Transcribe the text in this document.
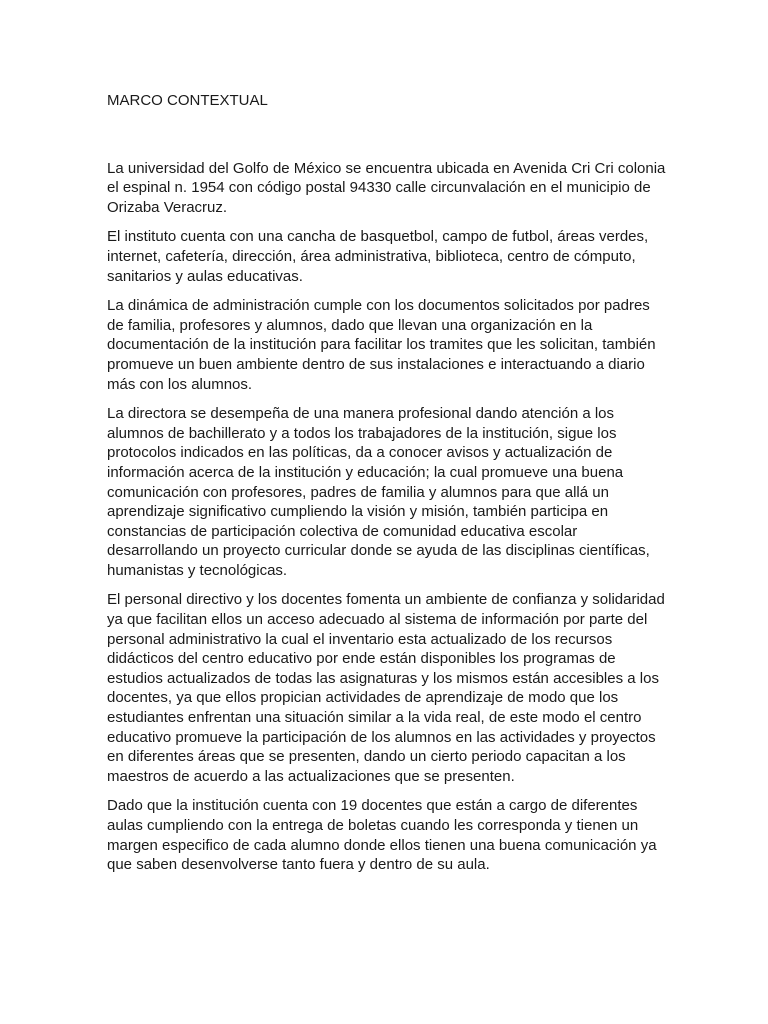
MARCO CONTEXTUAL

La universidad del Golfo de México se encuentra ubicada en Avenida Cri Cri colonia el espinal n. 1954 con código postal 94330 calle circunvalación en el municipio de Orizaba Veracruz.

El instituto cuenta con una cancha de basquetbol, campo de futbol, áreas verdes, internet, cafetería, dirección, área administrativa, biblioteca, centro de cómputo, sanitarios y aulas educativas.

La dinámica de administración cumple con los documentos solicitados por padres de familia, profesores y alumnos, dado que llevan una organización en la documentación de la institución para facilitar los tramites que les solicitan, también promueve un buen ambiente dentro de sus instalaciones e interactuando a diario más con los alumnos.

La directora se desempeña de una manera profesional dando atención a los alumnos de bachillerato y a todos los trabajadores de la institución, sigue los protocolos indicados en las políticas, da a conocer avisos y actualización de información acerca de la institución y educación; la cual promueve una buena comunicación con profesores, padres de familia y alumnos para que allá un aprendizaje significativo cumpliendo la visión y misión, también participa en constancias de participación colectiva de comunidad educativa escolar desarrollando un proyecto curricular donde se ayuda de las disciplinas científicas, humanistas y tecnológicas.

El personal directivo y los docentes fomenta un ambiente de confianza y solidaridad ya que facilitan ellos un acceso adecuado al sistema de información por parte del personal administrativo la cual el inventario esta actualizado de los recursos didácticos del centro educativo por ende están disponibles los programas de estudios actualizados de todas las asignaturas y los mismos están accesibles a los docentes, ya que ellos propician actividades de aprendizaje de modo que los estudiantes enfrentan una situación similar a la vida real, de este modo el centro educativo promueve la participación de los alumnos en las actividades y proyectos en diferentes áreas que se presenten, dando un cierto periodo capacitan a los maestros de acuerdo a las actualizaciones que se presenten.

Dado que la institución cuenta con 19 docentes que están a cargo de diferentes aulas cumpliendo con la entrega de boletas cuando les corresponda y tienen un margen especifico de cada alumno donde ellos tienen una buena comunicación ya que saben desenvolverse tanto fuera y dentro de su aula.
